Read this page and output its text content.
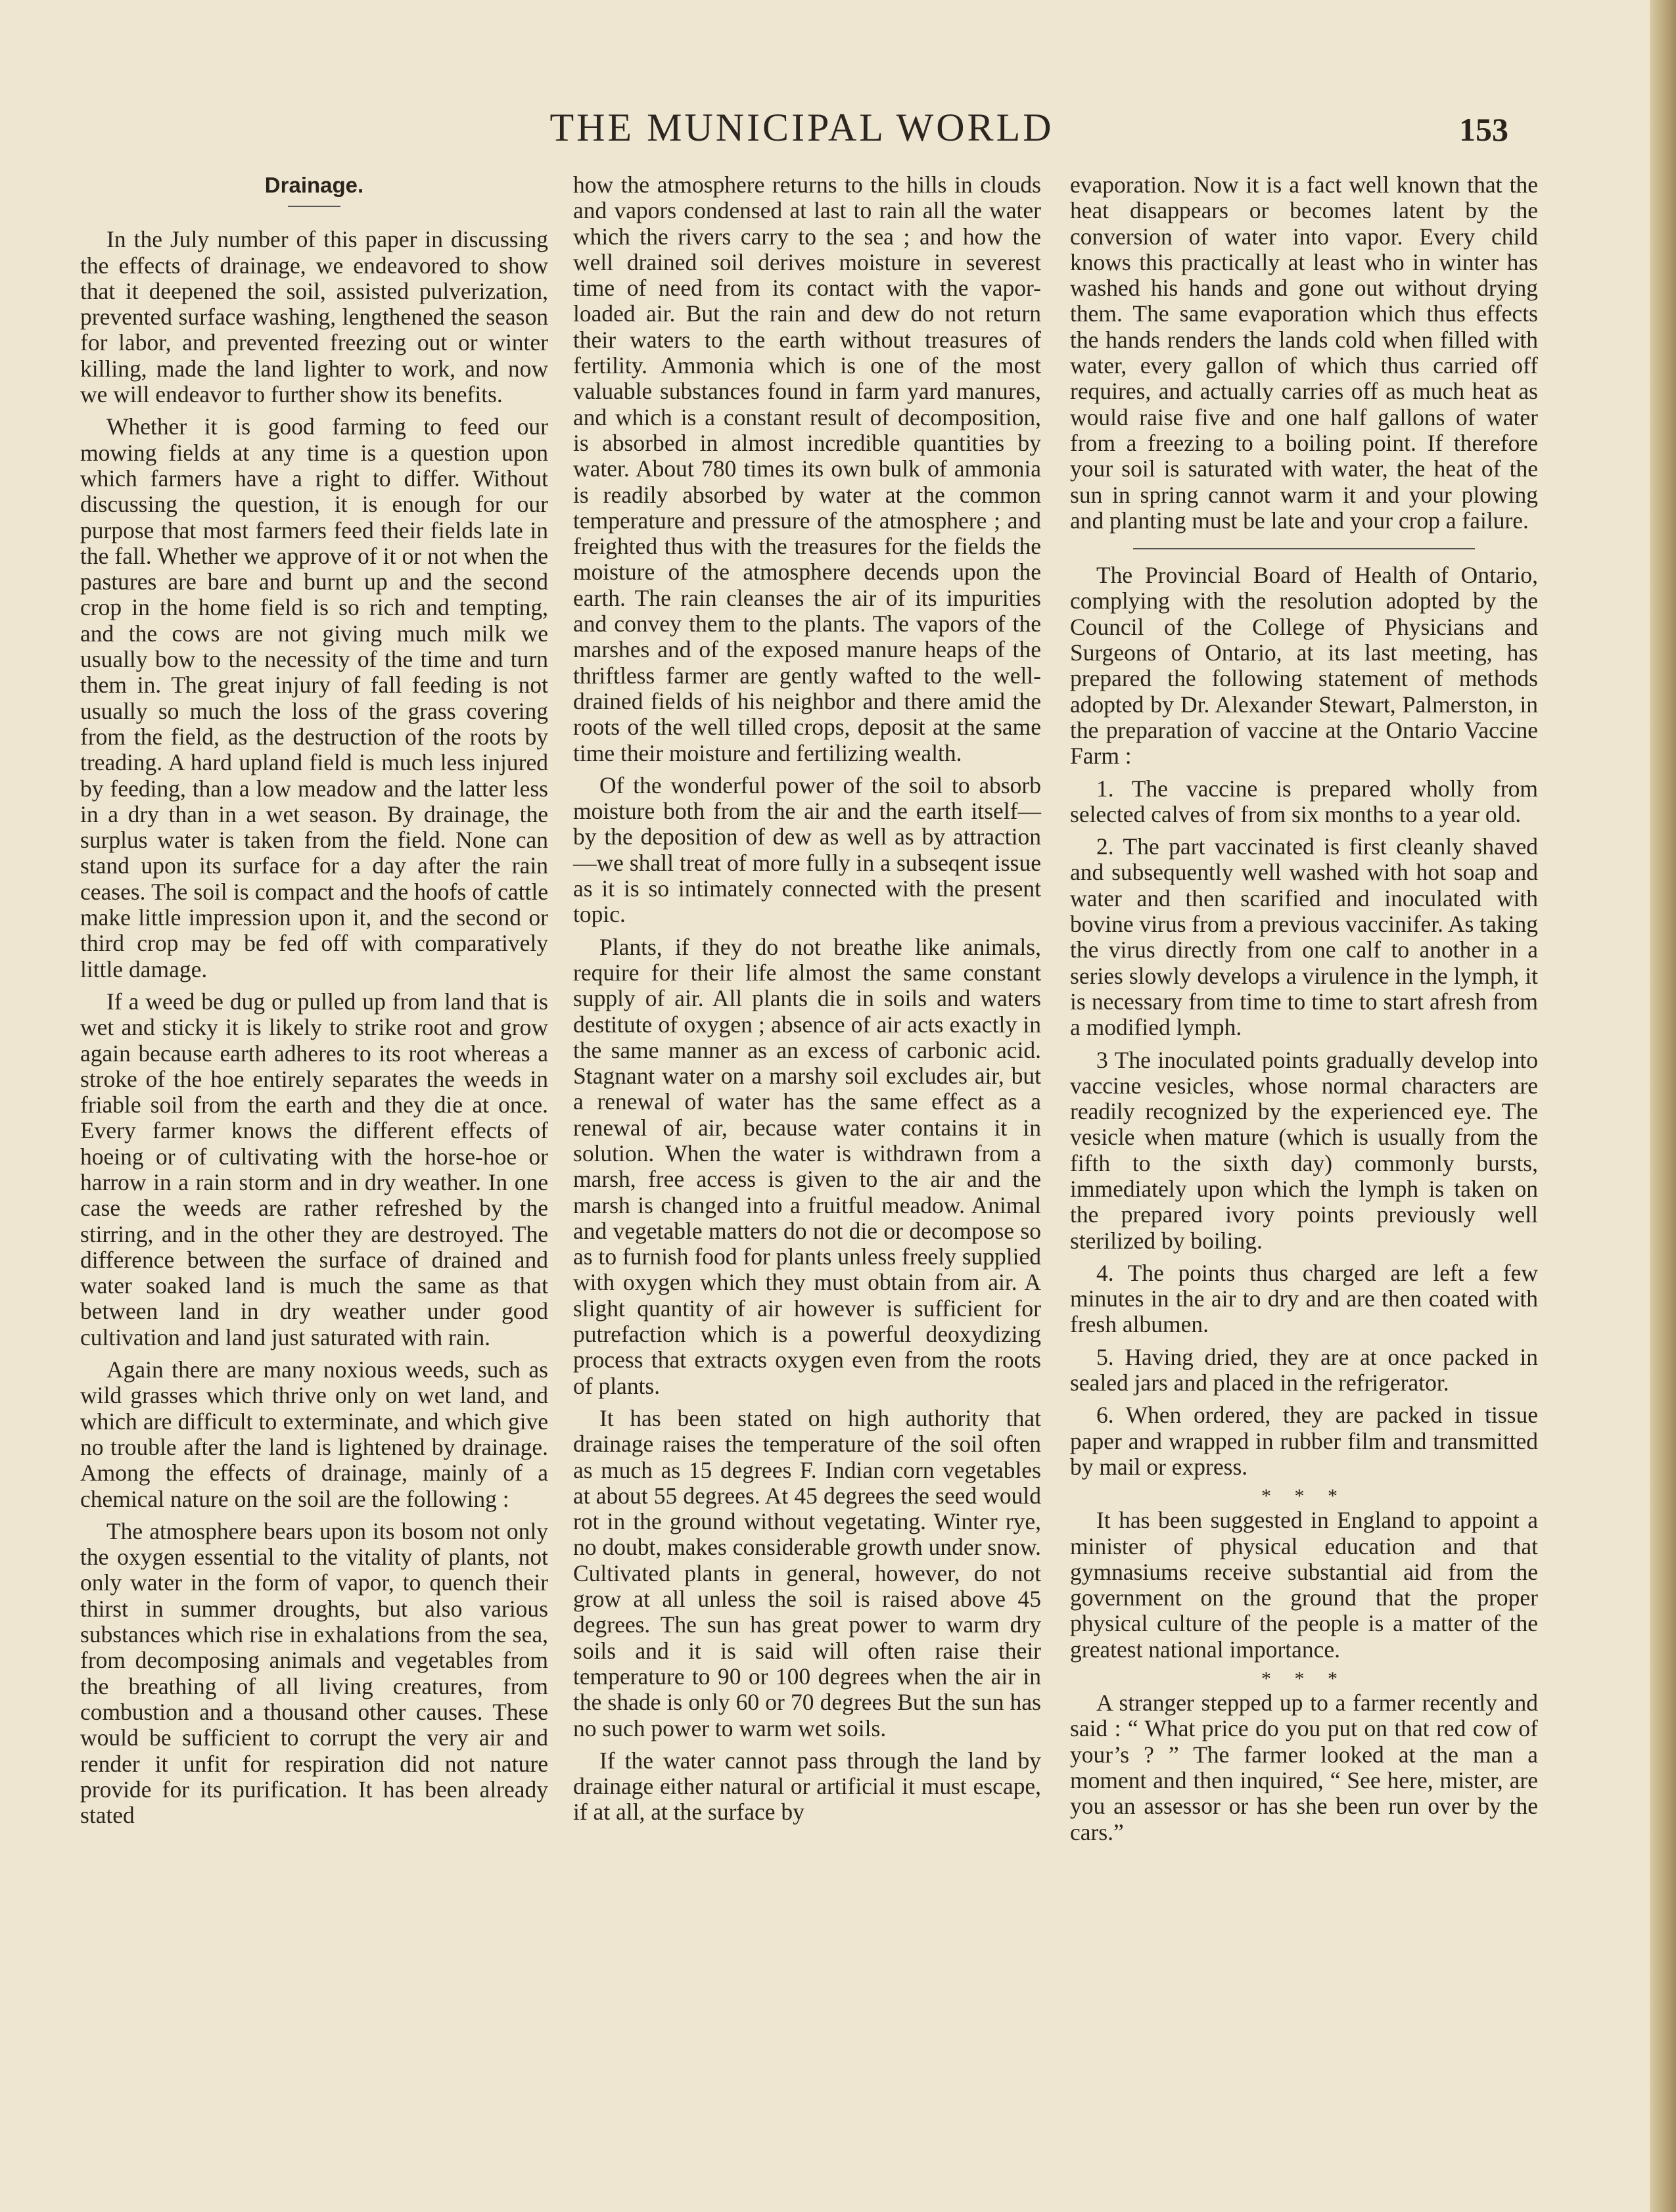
THE MUNICIPAL WORLD	153
Drainage.

In the July number of this paper in discussing the effects of drainage, we endeavored to show that it deepened the soil, assisted pulverization, prevented surface washing, lengthened the season for labor, and prevented freezing out or winter killing, made the land lighter to work, and now we will endeavor to further show its benefits.

Whether it is good farming to feed our mowing fields at any time is a question upon which farmers have a right to differ. Without discussing the question, it is enough for our purpose that most farmers feed their fields late in the fall. Whether we approve of it or not when the pastures are bare and burnt up and the second crop in the home field is so rich and tempting, and the cows are not giving much milk we usually bow to the necessity of the time and turn them in. The great injury of fall feeding is not usually so much the loss of the grass covering from the field, as the destruction of the roots by treading. A hard upland field is much less injured by feeding, than a low meadow and the latter less in a dry than in a wet season. By drainage, the surplus water is taken from the field. None can stand upon its surface for a day after the rain ceases. The soil is compact and the hoofs of cattle make little impression upon it, and the second or third crop may be fed off with comparatively little damage.

If a weed be dug or pulled up from land that is wet and sticky it is likely to strike root and grow again because earth adheres to its root whereas a stroke of the hoe entirely separates the weeds in friable soil from the earth and they die at once. Every farmer knows the different effects of hoeing or of cultivating with the horse-hoe or harrow in a rain storm and in dry weather. In one case the weeds are rather refreshed by the stirring, and in the other they are destroyed. The difference between the surface of drained and water soaked land is much the same as that between land in dry weather under good cultivation and land just saturated with rain.

Again there are many noxious weeds, such as wild grasses which thrive only on wet land, and which are difficult to exterminate, and which give no trouble after the land is lightened by drainage. Among the effects of drainage, mainly of a chemical nature on the soil are the following :

The atmosphere bears upon its bosom not only the oxygen essential to the vitality of plants, not only water in the form of vapor, to quench their thirst in summer droughts, but also various substances which rise in exhalations from the sea, from decomposing animals and vegetables from the breathing of all living creatures, from combustion and a thousand other causes. These would be sufficient to corrupt the very air and render it unfit for respiration did not nature provide for its purification. It has been already stated

how the atmosphere returns to the hills in clouds and vapors condensed at last to rain all the water which the rivers carry to the sea ; and how the well drained soil derives moisture in severest time of need from its contact with the vapor-loaded air. But the rain and dew do not return their waters to the earth without treasures of fertility. Ammonia which is one of the most valuable substances found in farm yard manures, and which is a constant result of decomposition, is absorbed in almost incredible quantities by water. About 780 times its own bulk of ammonia is readily absorbed by water at the common temperature and pressure of the atmosphere ; and freighted thus with the treasures for the fields the moisture of the atmosphere decends upon the earth. The rain cleanses the air of its impurities and convey them to the plants. The vapors of the marshes and of the exposed manure heaps of the thriftless farmer are gently wafted to the well-drained fields of his neighbor and there amid the roots of the well tilled crops, deposit at the same time their moisture and fertilizing wealth.

Of the wonderful power of the soil to absorb moisture both from the air and the earth itself—by the deposition of dew as well as by attraction—we shall treat of more fully in a subseqent issue as it is so intimately connected with the present topic.

Plants, if they do not breathe like animals, require for their life almost the same constant supply of air. All plants die in soils and waters destitute of oxygen ; absence of air acts exactly in the same manner as an excess of carbonic acid. Stagnant water on a marshy soil excludes air, but a renewal of water has the same effect as a renewal of air, because water contains it in solution. When the water is withdrawn from a marsh, free access is given to the air and the marsh is changed into a fruitful meadow. Animal and vegetable matters do not die or decompose so as to furnish food for plants unless freely supplied with oxygen which they must obtain from air. A slight quantity of air however is sufficient for putrefaction which is a powerful deoxydizing process that extracts oxygen even from the roots of plants.

It has been stated on high authority that drainage raises the temperature of the soil often as much as 15 degrees F. Indian corn vegetables at about 55 degrees. At 45 degrees the seed would rot in the ground without vegetating. Winter rye, no doubt, makes considerable growth under snow. Cultivated plants in general, however, do not grow at all unless the soil is raised above 45 degrees. The sun has great power to warm dry soils and it is said will often raise their temperature to 90 or 100 degrees when the air in the shade is only 60 or 70 degrees But the sun has no such power to warm wet soils.

If the water cannot pass through the land by drainage either natural or artificial it must escape, if at all, at the surface by

evaporation. Now it is a fact well known that the heat disappears or becomes latent by the conversion of water into vapor. Every child knows this practically at least who in winter has washed his hands and gone out without drying them. The same evaporation which thus effects the hands renders the lands cold when filled with water, every gallon of which thus carried off requires, and actually carries off as much heat as would raise five and one half gallons of water from a freezing to a boiling point. If therefore your soil is saturated with water, the heat of the sun in spring cannot warm it and your plowing and planting must be late and your crop a failure.

The Provincial Board of Health of Ontario, complying with the resolution adopted by the Council of the College of Physicians and Surgeons of Ontario, at its last meeting, has prepared the following statement of methods adopted by Dr. Alexander Stewart, Palmerston, in the preparation of vaccine at the Ontario Vaccine Farm :

1. The vaccine is prepared wholly from selected calves of from six months to a year old.

2. The part vaccinated is first cleanly shaved and subsequently well washed with hot soap and water and then scarified and inoculated with bovine virus from a previous vaccinifer. As taking the virus directly from one calf to another in a series slowly develops a virulence in the lymph, it is necessary from time to time to start afresh from a modified lymph.

3 The inoculated points gradually develop into vaccine vesicles, whose normal characters are readily recognized by the experienced eye. The vesicle when mature (which is usually from the fifth to the sixth day) commonly bursts, immediately upon which the lymph is taken on the prepared ivory points previously well sterilized by boiling.

4. The points thus charged are left a few minutes in the air to dry and are then coated with fresh albumen.

5. Having dried, they are at once packed in sealed jars and placed in the refrigerator.

6. When ordered, they are packed in tissue paper and wrapped in rubber film and transmitted by mail or express.

* * *

It has been suggested in England to appoint a minister of physical education and that gymnasiums receive substantial aid from the government on the ground that the proper physical culture of the people is a matter of the greatest national importance.

* * *

A stranger stepped up to a farmer recently and said : “ What price do you put on that red cow of your’s ? ” The farmer looked at the man a moment and then inquired, “ See here, mister, are you an assessor or has she been run over by the cars.”
